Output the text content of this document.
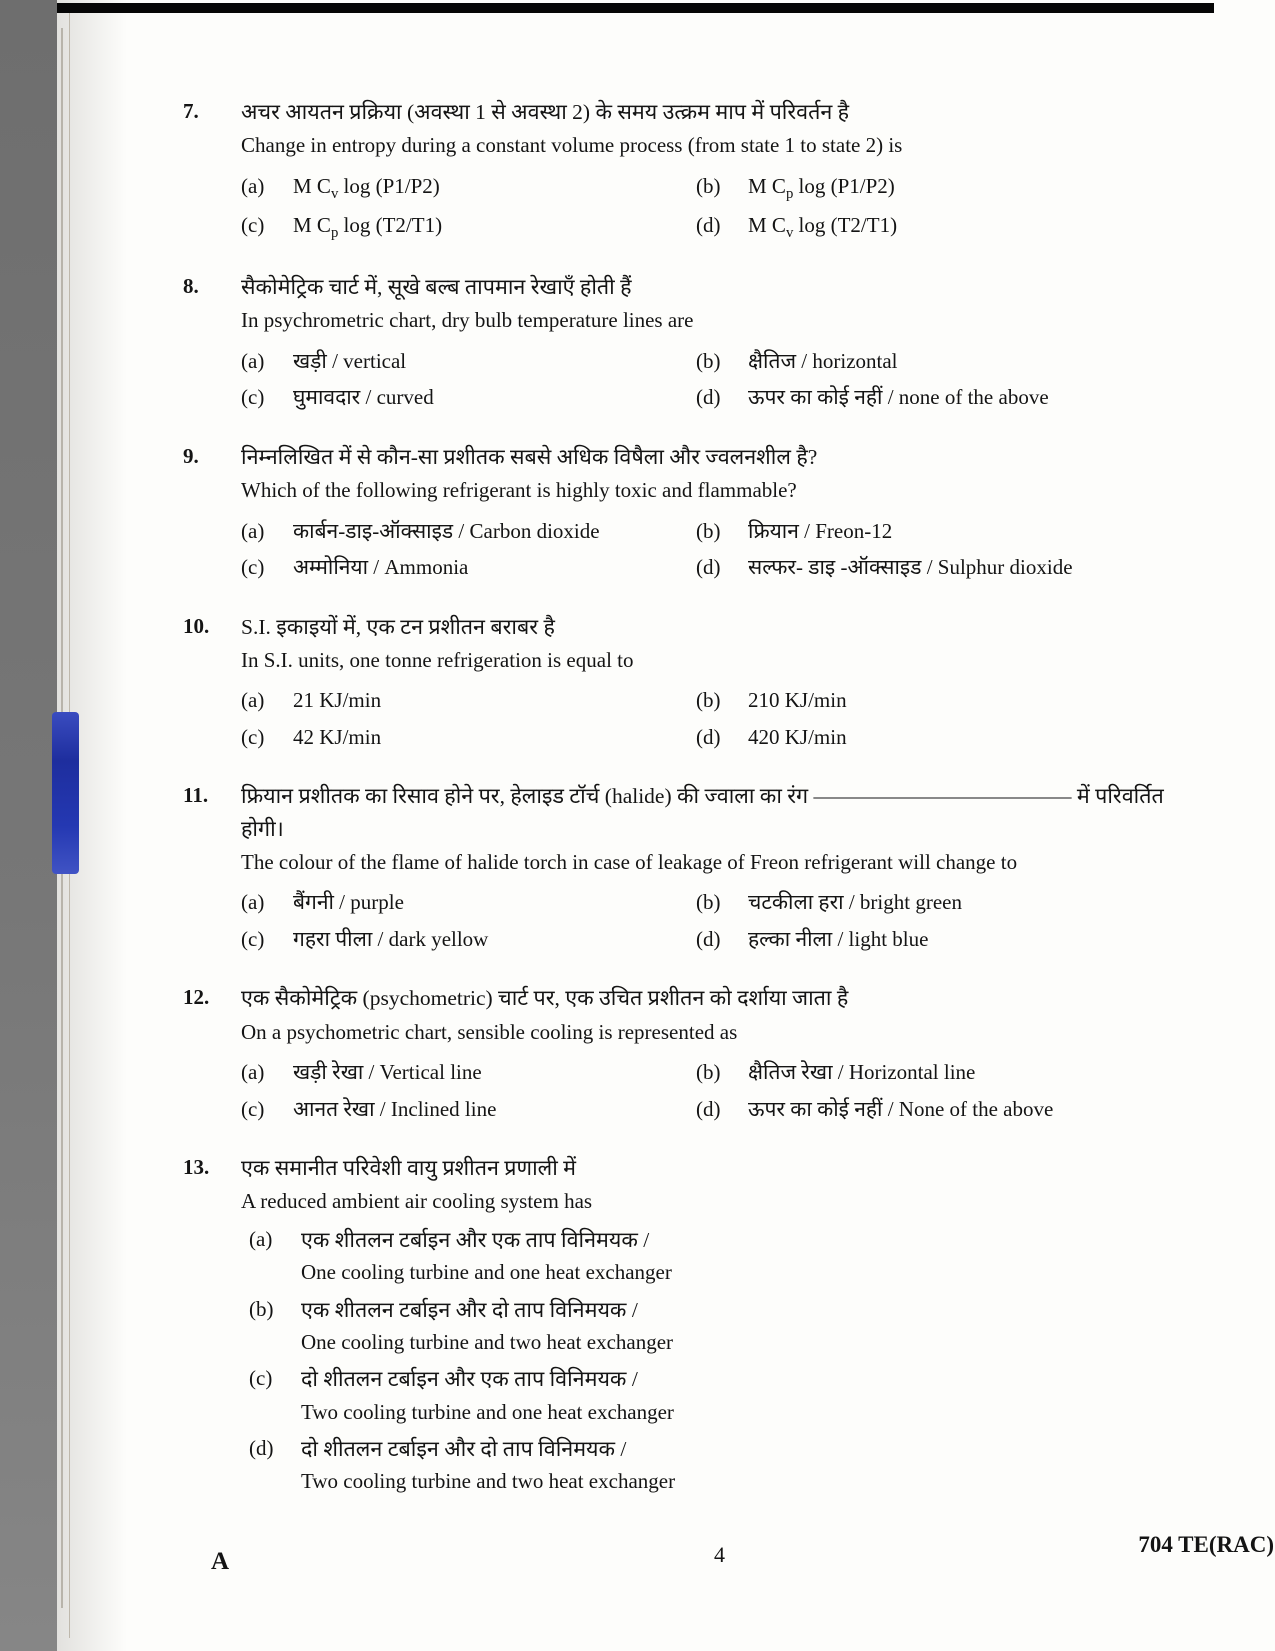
7.	अचर आयतन प्रक्रिया (अवस्था 1 से अवस्था 2) के समय उत्क्रम माप में परिवर्तन है
Change in entropy during a constant volume process (from state 1 to state 2) is
(a)	M $C_v$ log (P1/P2)	(b)	M $C_p$ log (P1/P2)
(c)	M $C_p$ log (T2/T1)	(d)	M $C_v$ log (T2/T1)
8.	सैकोमेट्रिक चार्ट में, सूखे बल्ब तापमान रेखाएँ होती हैं
In psychrometric chart, dry bulb temperature lines are
(a)	खड़ी / vertical	(b)	क्षैतिज / horizontal
(c)	घुमावदार / curved	(d)	ऊपर का कोई नहीं / none of the above
9.	निम्नलिखित में से कौन-सा प्रशीतक सबसे अधिक विषैला और ज्वलनशील है?
Which of the following refrigerant is highly toxic and flammable?
(a)	कार्बन-डाइ-ऑक्साइड / Carbon dioxide	(b)	फ्रियान / Freon-12
(c)	अम्मोनिया / Ammonia	(d)	सल्फर- डाइ -ऑक्साइड / Sulphur dioxide
10.	S.I. इकाइयों में, एक टन प्रशीतन बराबर है
In S.I. units, one tonne refrigeration is equal to
(a)	21 KJ/min	(b)	210 KJ/min
(c)	42 KJ/min	(d)	420 KJ/min
11.	फ्रियान प्रशीतक का रिसाव होने पर, हेलाइड टॉर्च (halide) की ज्वाला का रंग ———————————— में परिवर्तित होगी।
The colour of the flame of halide torch in case of leakage of Freon refrigerant will change to
(a)	बैंगनी / purple	(b)	चटकीला हरा / bright green
(c)	गहरा पीला / dark yellow	(d)	हल्का नीला / light blue
12.	एक सैकोमेट्रिक (psychometric) चार्ट पर, एक उचित प्रशीतन को दर्शाया जाता है
On a psychometric chart, sensible cooling is represented as
(a)	खड़ी रेखा / Vertical line	(b)	क्षैतिज रेखा / Horizontal line
(c)	आनत रेखा / Inclined line	(d)	ऊपर का कोई नहीं / None of the above
13.	एक समानीत परिवेशी वायु प्रशीतन प्रणाली में
A reduced ambient air cooling system has
(a)	एक शीतलन टर्बाइन और एक ताप विनिमयक /
One cooling turbine and one heat exchanger
(b)	एक शीतलन टर्बाइन और दो ताप विनिमयक /
One cooling turbine and two heat exchanger
(c)	दो शीतलन टर्बाइन और एक ताप विनिमयक /
Two cooling turbine and one heat exchanger
(d)	दो शीतलन टर्बाइन और दो ताप विनिमयक /
Two cooling turbine and two heat exchanger
A	4	704 TE(RAC)
